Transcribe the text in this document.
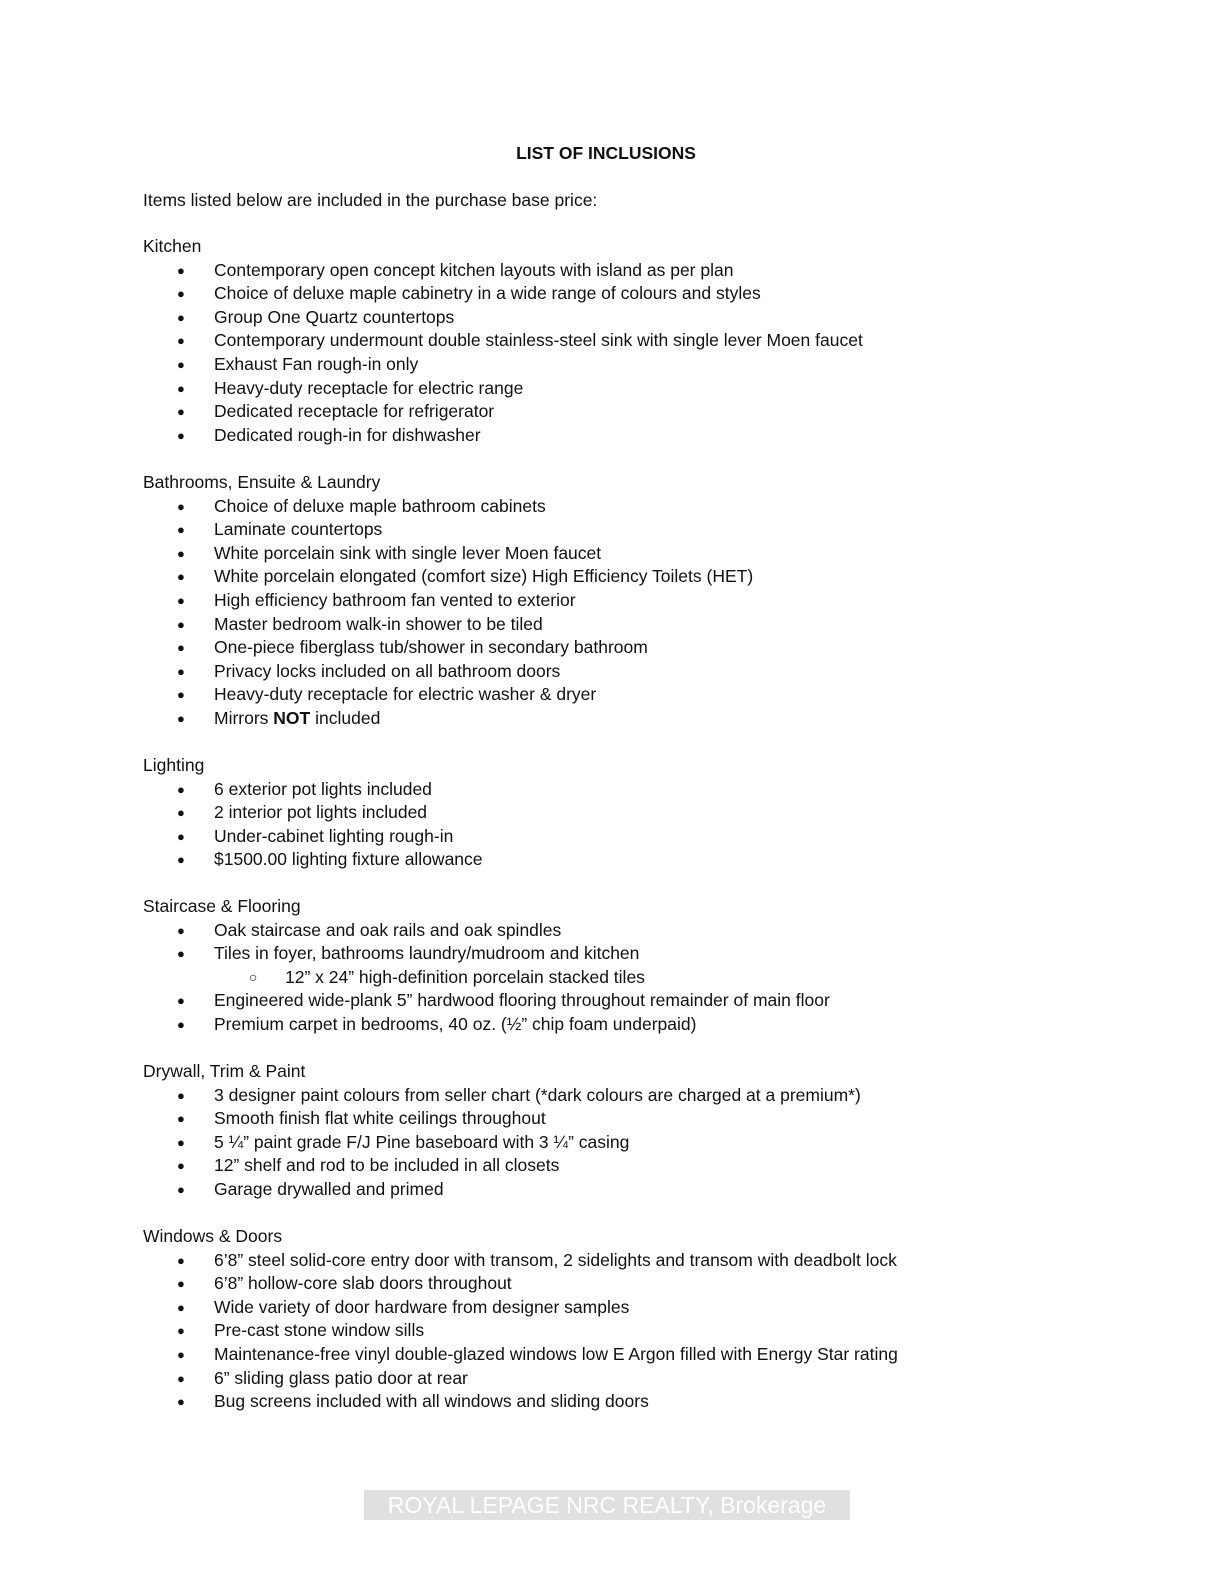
LIST OF INCLUSIONS
Items listed below are included in the purchase base price:
Kitchen
● Contemporary open concept kitchen layouts with island as per plan
● Choice of deluxe maple cabinetry in a wide range of colours and styles
● Group One Quartz countertops
● Contemporary undermount double stainless-steel sink with single lever Moen faucet
● Exhaust Fan rough-in only
● Heavy-duty receptacle for electric range
● Dedicated receptacle for refrigerator
● Dedicated rough-in for dishwasher
Bathrooms, Ensuite & Laundry
● Choice of deluxe maple bathroom cabinets
● Laminate countertops
● White porcelain sink with single lever Moen faucet
● White porcelain elongated (comfort size) High Efficiency Toilets (HET)
● High efficiency bathroom fan vented to exterior
● Master bedroom walk-in shower to be tiled
● One-piece fiberglass tub/shower in secondary bathroom
● Privacy locks included on all bathroom doors
● Heavy-duty receptacle for electric washer & dryer
● Mirrors NOT included
Lighting
● 6 exterior pot lights included
● 2 interior pot lights included
● Under-cabinet lighting rough-in
● $1500.00 lighting fixture allowance
Staircase & Flooring
● Oak staircase and oak rails and oak spindles
● Tiles in foyer, bathrooms laundry/mudroom and kitchen
○ 12” x 24” high-definition porcelain stacked tiles
● Engineered wide-plank 5” hardwood flooring throughout remainder of main floor
● Premium carpet in bedrooms, 40 oz. (½” chip foam underpaid)
Drywall, Trim & Paint
● 3 designer paint colours from seller chart (*dark colours are charged at a premium*)
● Smooth finish flat white ceilings throughout
● 5 ¼” paint grade F/J Pine baseboard with 3 ¼” casing
● 12” shelf and rod to be included in all closets
● Garage drywalled and primed
Windows & Doors
● 6’8” steel solid-core entry door with transom, 2 sidelights and transom with deadbolt lock
● 6’8” hollow-core slab doors throughout
● Wide variety of door hardware from designer samples
● Pre-cast stone window sills
● Maintenance-free vinyl double-glazed windows low E Argon filled with Energy Star rating
● 6” sliding glass patio door at rear
● Bug screens included with all windows and sliding doors
ROYAL LEPAGE NRC REALTY, Brokerage
